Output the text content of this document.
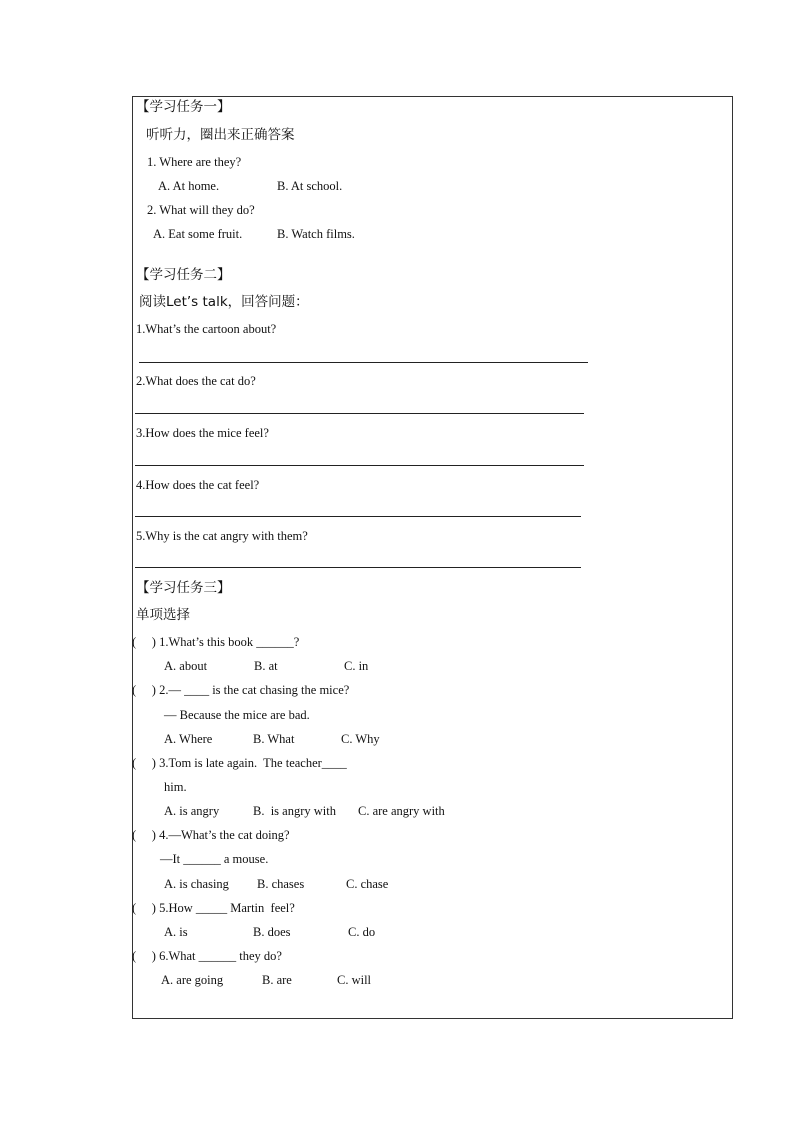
【学习任务一】
听听力，圈出来正确答案
1. Where are they?
A. At home.	B. At school.
2. What will they do?
A. Eat some fruit.	B. Watch films.
【学习任务二】
阅读Let’s talk，回答问题：
1.What’s the cartoon about?
2.What does the cat do?
3.How does the mice feel?
4.How does the cat feel?
5.Why is the cat angry with them?
【学习任务三】
单项选择
(     ) 1.What’s this book ______?
A. about	B. at	C. in
(     ) 2.— ____ is the cat chasing the mice?
— Because the mice are bad.
A. Where	B. What	C. Why
(     ) 3.Tom is late again.  The teacher____
him.
A. is angry	B.  is angry with C. are angry with
(     ) 4.—What’s the cat doing?
—It ______ a mouse.
A. is chasing B. chases	C. chase
(     ) 5.How _____ Martin  feel?
A. is	B. does	C. do
(     ) 6.What ______ they do?
A. are going	B. are	C. will
